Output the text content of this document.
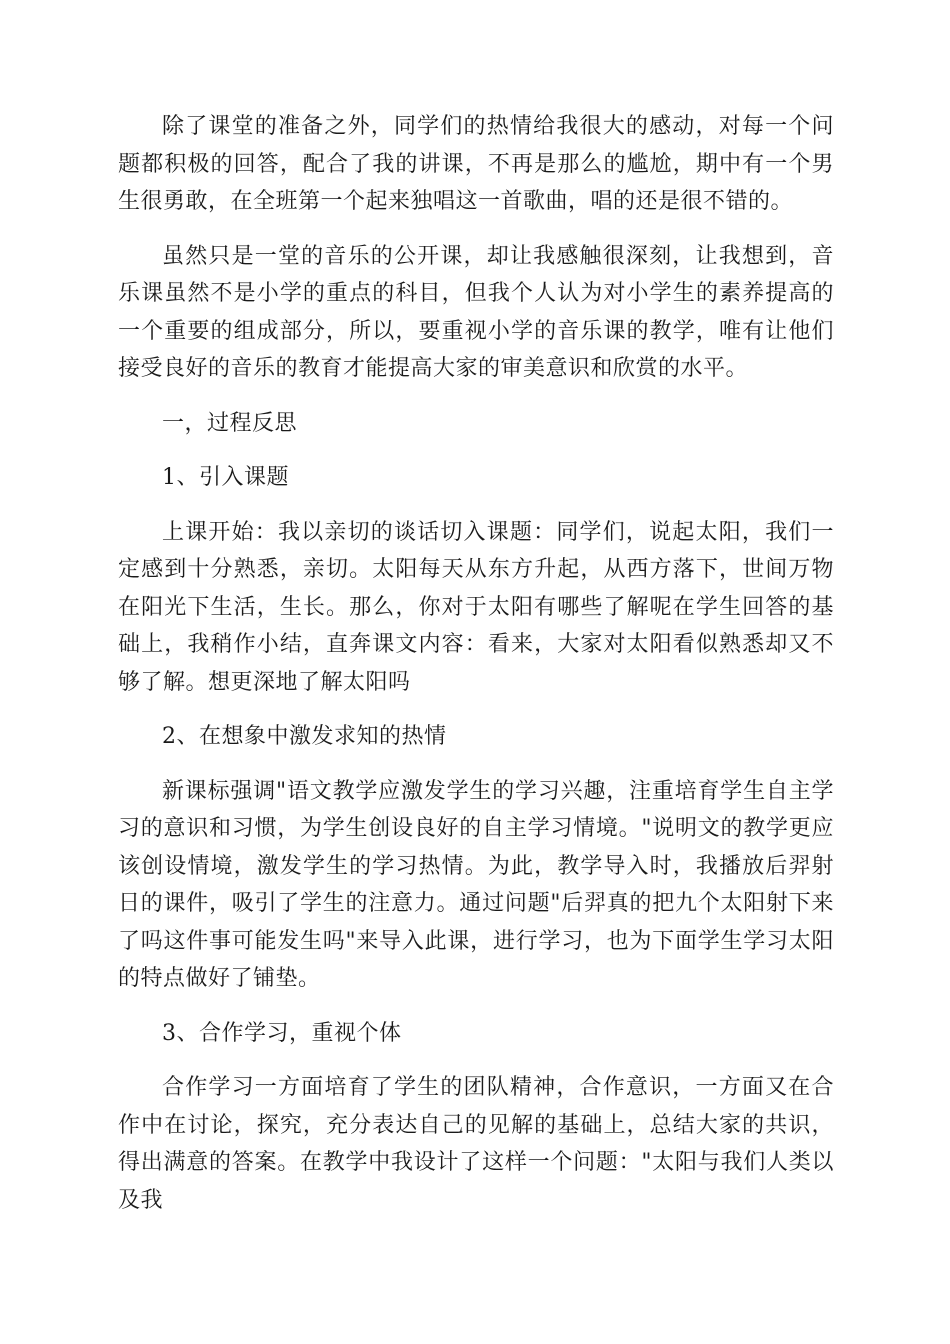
除了课堂的准备之外，同学们的热情给我很大的感动，对每一个问题都积极的回答，配合了我的讲课，不再是那么的尴尬，期中有一个男生很勇敢，在全班第一个起来独唱这一首歌曲，唱的还是很不错的。

虽然只是一堂的音乐的公开课，却让我感触很深刻，让我想到，音乐课虽然不是小学的重点的科目，但我个人认为对小学生的素养提高的一个重要的组成部分，所以，要重视小学的音乐课的教学，唯有让他们接受良好的音乐的教育才能提高大家的审美意识和欣赏的水平。

一，过程反思

1、引入课题

上课开始：我以亲切的谈话切入课题：同学们，说起太阳，我们一定感到十分熟悉，亲切。太阳每天从东方升起，从西方落下，世间万物在阳光下生活，生长。那么，你对于太阳有哪些了解呢在学生回答的基础上，我稍作小结，直奔课文内容：看来，大家对太阳看似熟悉却又不够了解。想更深地了解太阳吗

2、在想象中激发求知的热情

新课标强调"语文教学应激发学生的学习兴趣，注重培育学生自主学习的意识和习惯，为学生创设良好的自主学习情境。"说明文的教学更应该创设情境，激发学生的学习热情。为此，教学导入时，我播放后羿射日的课件，吸引了学生的注意力。通过问题"后羿真的把九个太阳射下来了吗这件事可能发生吗"来导入此课，进行学习，也为下面学生学习太阳的特点做好了铺垫。

3、合作学习，重视个体

合作学习一方面培育了学生的团队精神，合作意识，一方面又在合作中在讨论，探究，充分表达自己的见解的基础上，总结大家的共识，得出满意的答案。在教学中我设计了这样一个问题："太阳与我们人类以及我
